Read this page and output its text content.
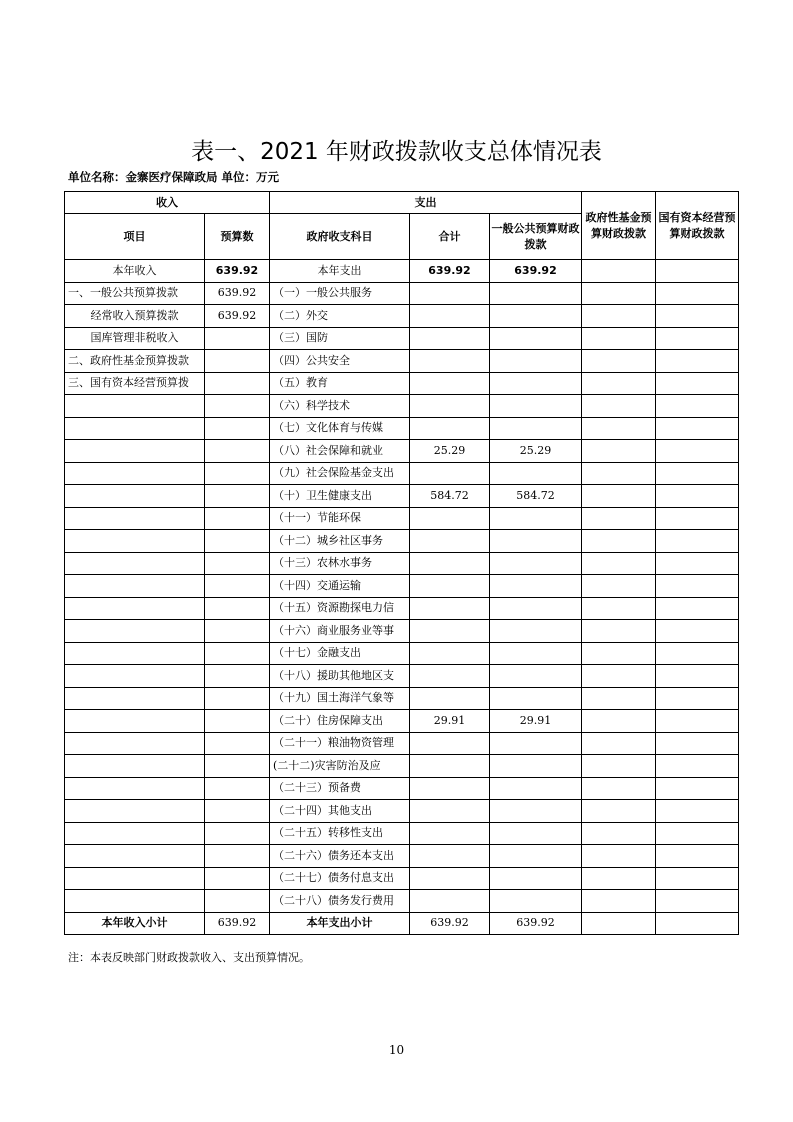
表一、2021 年财政拨款收支总体情况表
单位名称：金寨医疗保障政局 单位：万元
收入		支出			政府性基金预算财政拨款	国有资本经营预算财政拨款
项目	预算数	政府收支科目	合计	一般公共预算财政拨款		

本年收入	639.92	本年支出	639.92	639.92		
一、一般公共预算拨款	639.92	（一）一般公共服务				
经常收入预算拨款	639.92	（二）外交				
国库管理非税收入		（三）国防				
二、政府性基金预算拨款		（四）公共安全				
三、国有资本经营预算拨		（五）教育				
		（六）科学技术				
		（七）文化体育与传媒				
		（八）社会保障和就业	25.29	25.29		
		（九）社会保险基金支出				
		（十）卫生健康支出	584.72	584.72		
		（十一）节能环保				
		（十二）城乡社区事务				
		（十三）农林水事务				
		（十四）交通运输				
		（十五）资源勘探电力信				
		（十六）商业服务业等事				
		（十七）金融支出				
		（十八）援助其他地区支				
		（十九）国土海洋气象等				
		（二十）住房保障支出	29.91	29.91		
		（二十一）粮油物资管理				
		(二十二)灾害防治及应				
		（二十三）预备费				
		（二十四）其他支出				
		（二十五）转移性支出				
		（二十六）债务还本支出				
		（二十七）债务付息支出				
		（二十八）债务发行费用				
本年收入小计	639.92	本年支出小计	639.92	639.92		
注：本表反映部门财政拨款收入、支出预算情况。
10
